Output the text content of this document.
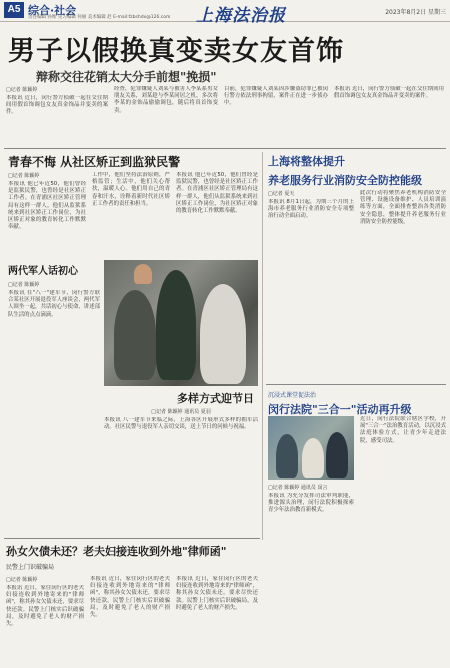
A5 综合·社会
责任编辑 孙维 见习编辑 何丽 美术编辑 赵 E-mail:fzbshdx@126.com 上海法治报	2023年8月2日 星期三
男子以假换真变卖女友首饰
辩称交往花销太大分手前想"挽损"
□记者 陈颖婷
本报讯 近日，闵行警方侦破一起在交往期间用假首饰调包女友真金饰品并变卖的案件。
经查，犯罪嫌疑人刘某与被害人李某系男女朋友关系，刘某趁与李某同居之机，多次将李某的金饰品偷偷调包，随后将真首饰变卖。
目前，犯罪嫌疑人刘某因涉嫌盗窃罪已被闵行警方依法刑事拘留，案件正在进一步侦办中。
本报讯 近日，闵行警方侦破一起在交往期间用假首饰调包女友真金饰品并变卖的案件。
青春不悔 从社区矫正到监狱民警
□记者 陈颖婷
本报讯 他已年近50，他们曾经是监狱民警，也曾经是社区矫正工作者。在青浦区社区矫正管理局有这样一群人，他们从监狱系统来到社区矫正工作岗位，为社区矫正对象的教育转化工作默默奉献。
工作中，他们坚持法治原则，严格监管；生活中，他们关心帮扶，温暖人心。他们用自己的青春和汗水，诠释着新时代社区矫正工作者的责任和担当。
本报讯 他已年近50，他们曾经是监狱民警，也曾经是社区矫正工作者。在青浦区社区矫正管理局有这样一群人，他们从监狱系统来到社区矫正工作岗位，为社区矫正对象的教育转化工作默默奉献。
两代军人话初心
□记者 陈颖婷
本报讯 在"八一"建军节，闵行警方联合某社区开展退役军人座谈会，两代军人围坐一起，共话初心与使命，讲述部队生活的点点滴滴。
多样方式迎节日
□记者 陈颖婷 通讯员 夏羽
本报讯 八一建军节来临之际，上海各区开展形式多样的拥军活动。社区民警与退役军人亲切交谈，送上节日的问候与祝福。
上海将整体提升
养老服务行业消防安全防控能级
□记者 夏天
本报讯 8月1日起，为期三个月的上海市养老服务行业消防安全专项整治行动全面启动。
此次行动将聚焦养老机构消防安全管理、设施设备维护、人员培训演练等方面，全面排查整治各类消防安全隐患，整体提升养老服务行业消防安全防控能级。
沉浸式课堂促法治
闵行法院"三合一"活动再升级
□记者 陈颖婷 通讯员 闵言
本报讯 为充分发挥司法审判职能，推进源头治理，闵行法院积极探索青少年法治教育新模式。
近日，闵行法院联合辖区学校，开展"三合一"法治教育活动，以沉浸式法庭体验方式，让青少年走进法院，感受司法。
孙女欠债未还？老夫妇接连收到外地"律师函"
民警上门识破骗局
□记者 陈颖婷
本报讯 近日，家住闵行区的老夫妇接连收到外地寄来的"律师函"，称其孙女欠债未还，要求尽快还款。民警上门核实后识破骗局，及时避免了老人的财产损失。
本报讯 近日，家住闵行区的老夫妇接连收到外地寄来的"律师函"，称其孙女欠债未还，要求尽快还款。民警上门核实后识破骗局，及时避免了老人的财产损失。
本报讯 近日，家住闵行区的老夫妇接连收到外地寄来的"律师函"，称其孙女欠债未还，要求尽快还款。民警上门核实后识破骗局，及时避免了老人的财产损失。
